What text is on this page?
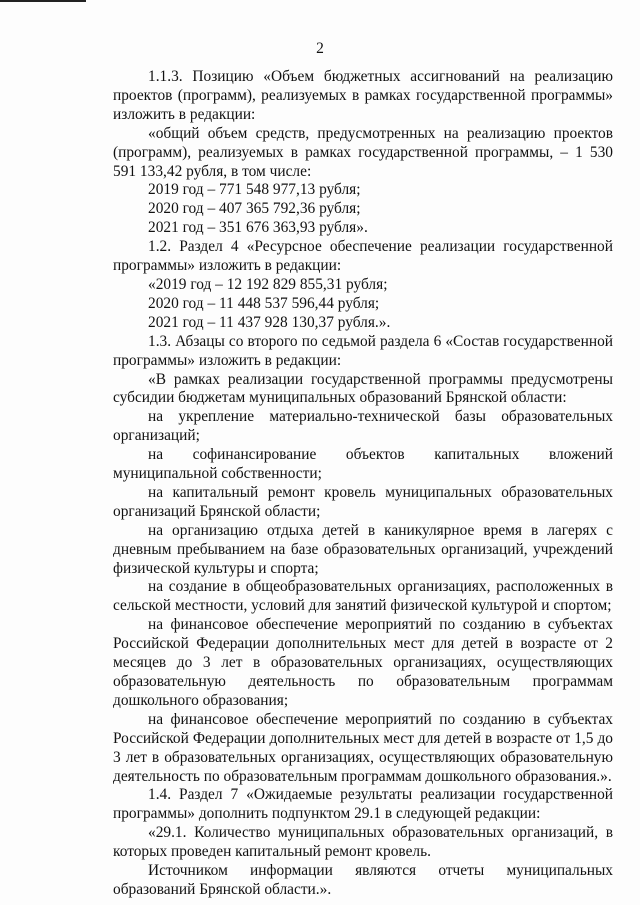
2

1.1.3. Позицию «Объем бюджетных ассигнований на реализацию проектов (программ), реализуемых в рамках государственной программы» изложить в редакции:

«общий объем средств, предусмотренных на реализацию проектов (программ), реализуемых в рамках государственной программы, – 1 530 591 133,42 рубля, в том числе:

2019 год – 771 548 977,13 рубля;

2020 год – 407 365 792,36 рубля;

2021 год – 351 676 363,93 рубля».

1.2. Раздел 4 «Ресурсное обеспечение реализации государственной программы» изложить в редакции:

«2019 год – 12 192 829 855,31 рубля;

2020 год – 11 448 537 596,44 рубля;

2021 год – 11 437 928 130,37 рубля.».

1.3. Абзацы со второго по седьмой раздела 6 «Состав государственной программы» изложить в редакции:

«В рамках реализации государственной программы предусмотрены субсидии бюджетам муниципальных образований Брянской области:

на укрепление материально-технической базы образовательных организаций;

на софинансирование объектов капитальных вложений муниципальной собственности;

на капитальный ремонт кровель муниципальных образовательных организаций Брянской области;

на организацию отдыха детей в каникулярное время в лагерях с дневным пребыванием на базе образовательных организаций, учреждений физической культуры и спорта;

на создание в общеобразовательных организациях, расположенных в сельской местности, условий для занятий физической культурой и спортом;

на финансовое обеспечение мероприятий по созданию в субъектах Российской Федерации дополнительных мест для детей в возрасте от 2 месяцев до 3 лет в образовательных организациях, осуществляющих образовательную деятельность по образовательным программам дошкольного образования;

на финансовое обеспечение мероприятий по созданию в субъектах Российской Федерации дополнительных мест для детей в возрасте от 1,5 до 3 лет в образовательных организациях, осуществляющих образовательную деятельность по образовательным программам дошкольного образования.».

1.4. Раздел 7 «Ожидаемые результаты реализации государственной программы» дополнить подпунктом 29.1 в следующей редакции:

«29.1. Количество муниципальных образовательных организаций, в которых проведен капитальный ремонт кровель.

Источником информации являются отчеты муниципальных образований Брянской области.».
